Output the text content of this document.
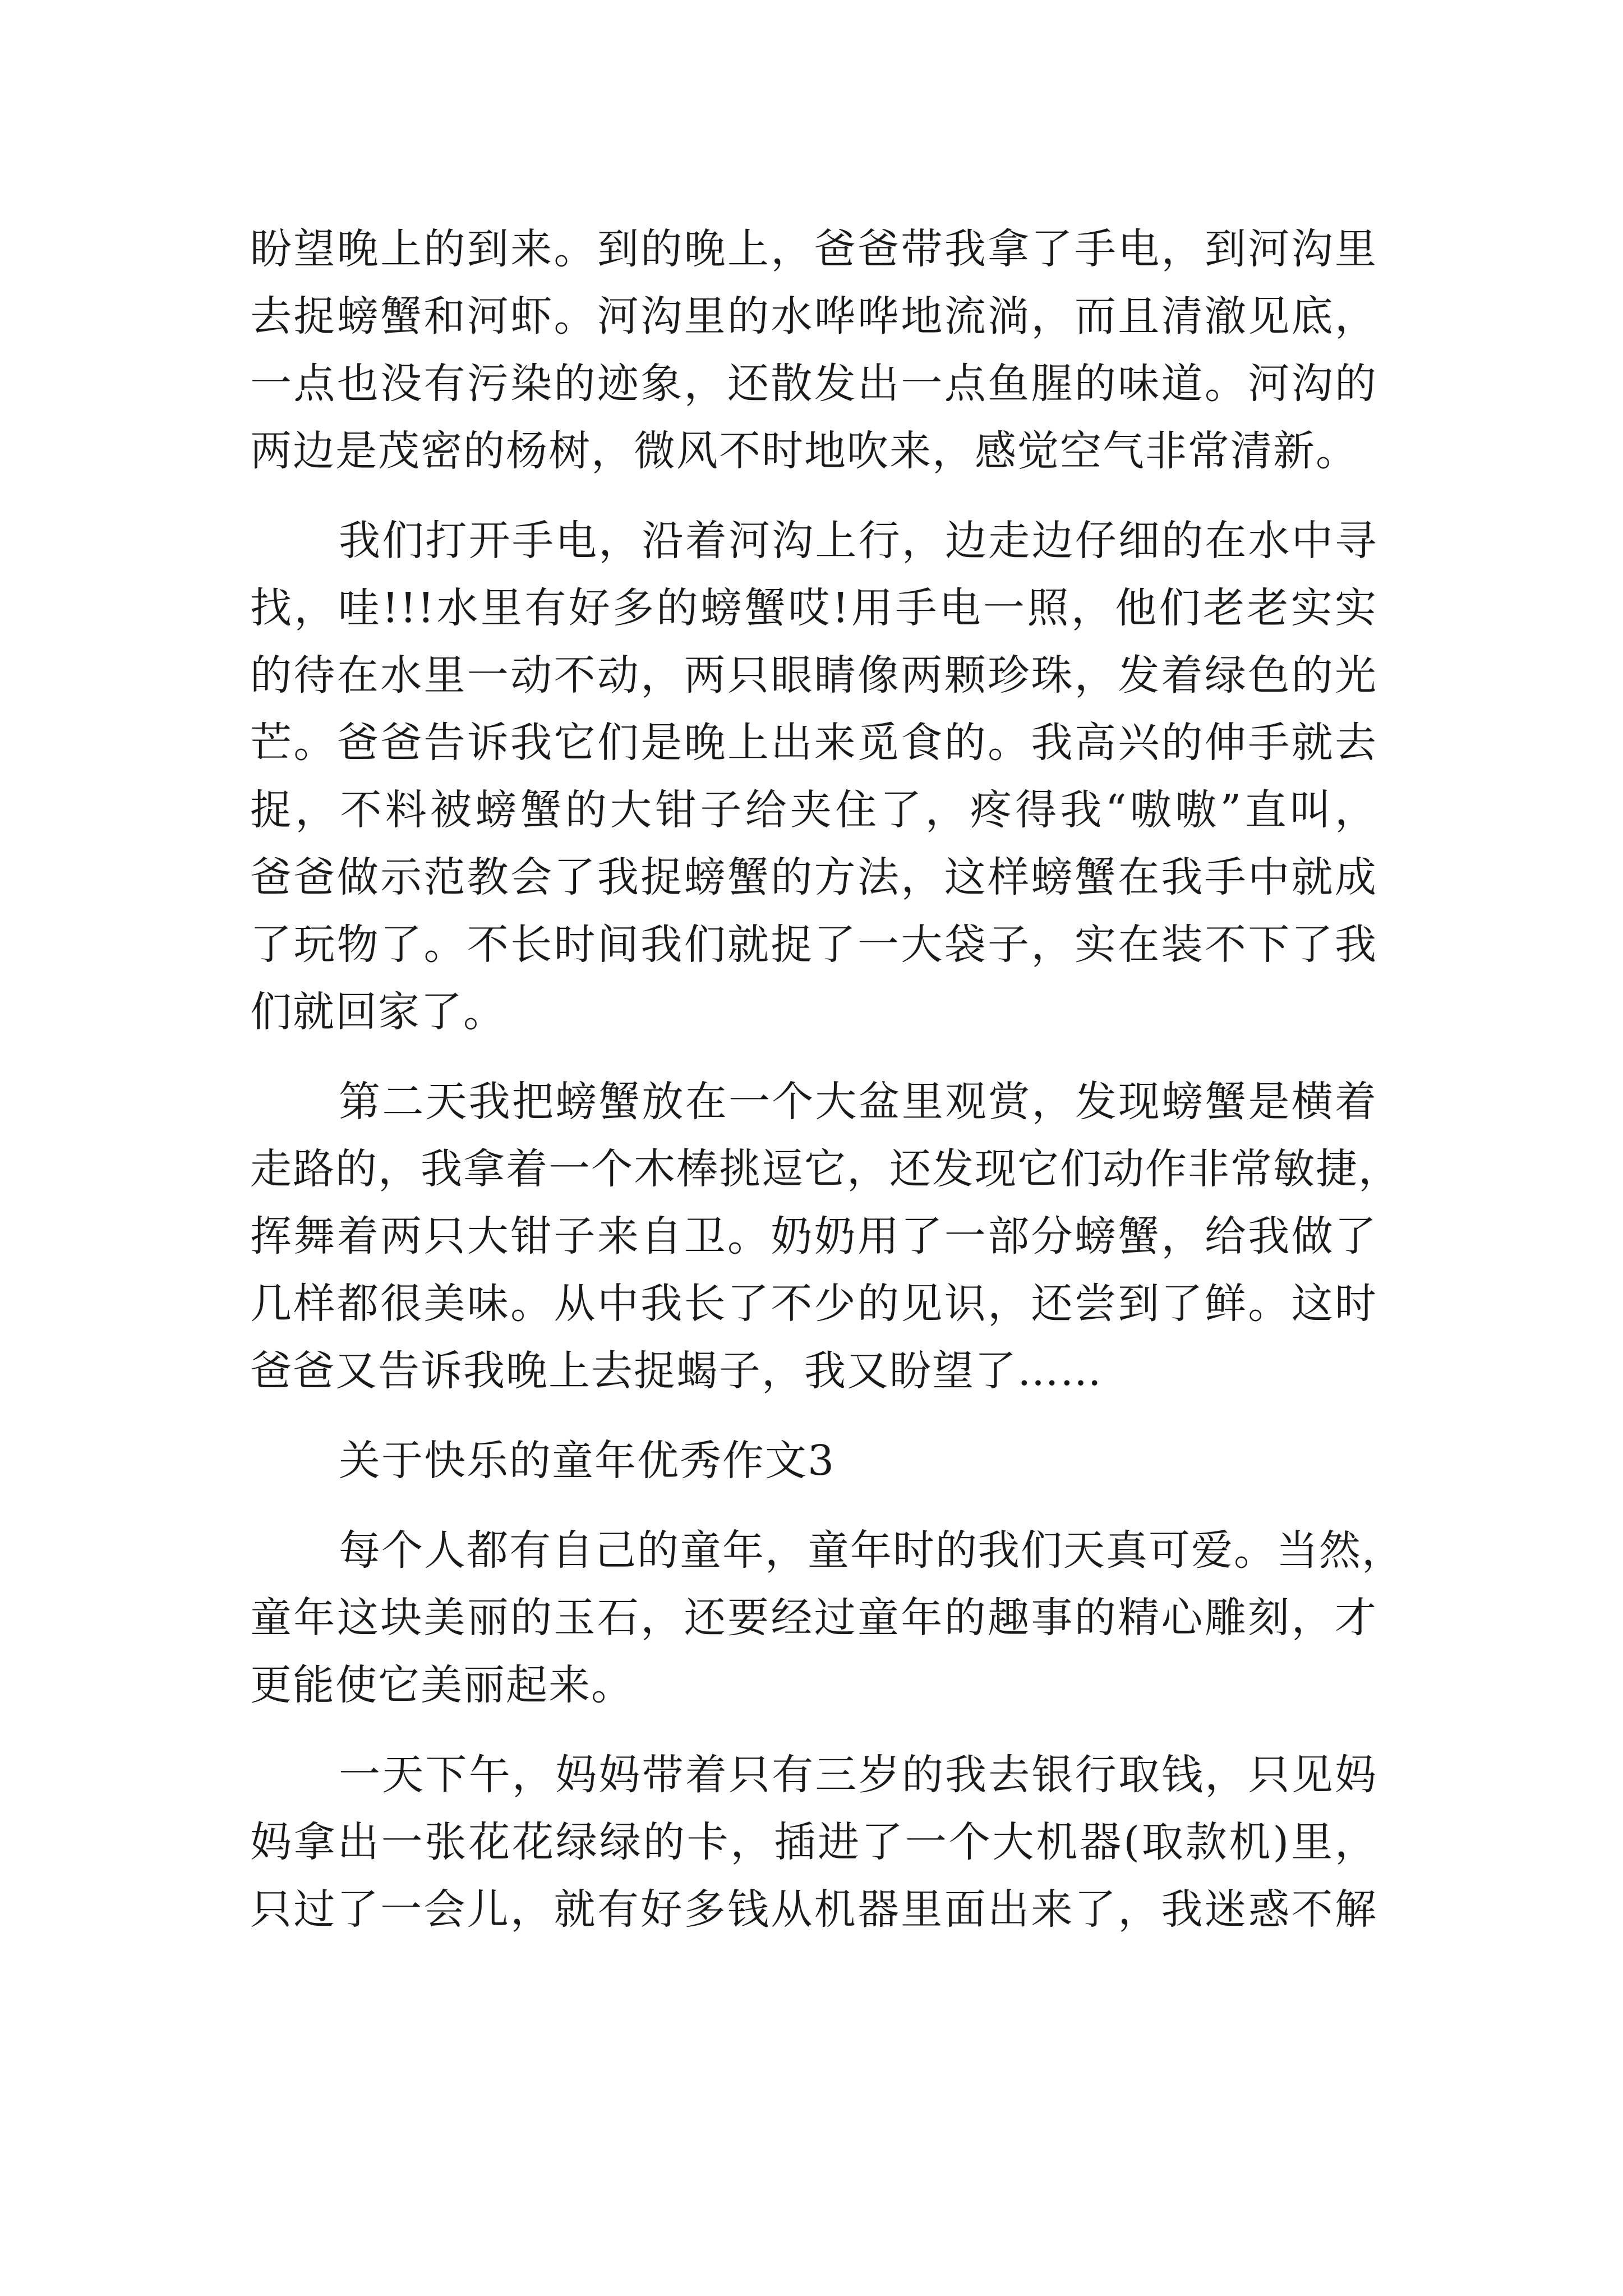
盼望晚上的到来。到的晚上，爸爸带我拿了手电，到河沟里
去捉螃蟹和河虾。河沟里的水哗哗地流淌，而且清澈见底，
一点也没有污染的迹象，还散发出一点鱼腥的味道。河沟的
两边是茂密的杨树，微风不时地吹来，感觉空气非常清新。
我们打开手电，沿着河沟上行，边走边仔细的在水中寻
找，哇!!!水里有好多的螃蟹哎!用手电一照，他们老老实实
的待在水里一动不动，两只眼睛像两颗珍珠，发着绿色的光
芒。爸爸告诉我它们是晚上出来觅食的。我高兴的伸手就去
捉，不料被螃蟹的大钳子给夹住了，疼得我“嗷嗷”直叫，
爸爸做示范教会了我捉螃蟹的方法，这样螃蟹在我手中就成
了玩物了。不长时间我们就捉了一大袋子，实在装不下了我
们就回家了。
第二天我把螃蟹放在一个大盆里观赏，发现螃蟹是横着
走路的，我拿着一个木棒挑逗它，还发现它们动作非常敏捷，
挥舞着两只大钳子来自卫。奶奶用了一部分螃蟹，给我做了
几样都很美味。从中我长了不少的见识，还尝到了鲜。这时
爸爸又告诉我晚上去捉蝎子，我又盼望了……
关于快乐的童年优秀作文3
每个人都有自己的童年，童年时的我们天真可爱。当然，
童年这块美丽的玉石，还要经过童年的趣事的精心雕刻，才
更能使它美丽起来。
一天下午，妈妈带着只有三岁的我去银行取钱，只见妈
妈拿出一张花花绿绿的卡，插进了一个大机器(取款机)里，
只过了一会儿，就有好多钱从机器里面出来了，我迷惑不解
